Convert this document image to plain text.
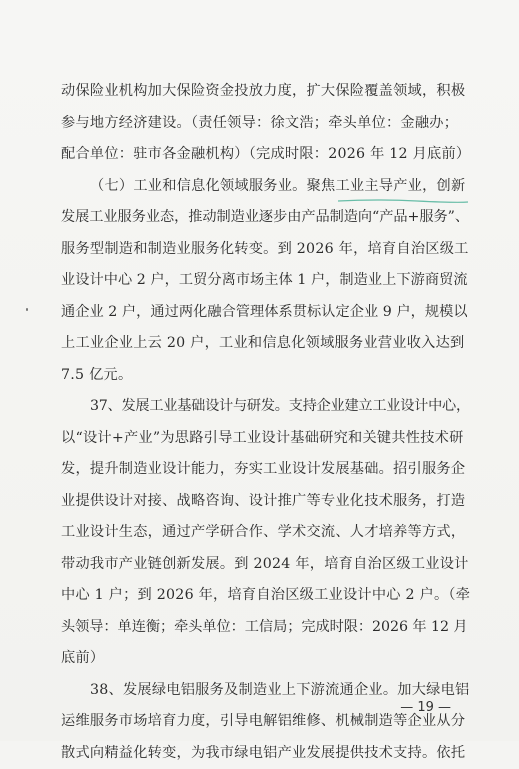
动保险业机构加大保险资金投放力度，扩大保险覆盖领域，积极
参与地方经济建设。（责任领导：徐文浩；牵头单位：金融办；
配合单位：驻市各金融机构）（完成时限：2026 年 12 月底前）
（七）工业和信息化领域服务业。聚焦工业主导产业，创新
发展工业服务业态，推动制造业逐步由产品制造向“产品+服务”、
服务型制造和制造业服务化转变。到 2026 年，培育自治区级工
业设计中心 2 户，工贸分离市场主体 1 户，制造业上下游商贸流
通企业 2 户，通过两化融合管理体系贯标认定企业 9 户，规模以
上工业企业上云 20 户，工业和信息化领域服务业营业收入达到
7.5 亿元。
37、发展工业基础设计与研发。支持企业建立工业设计中心，
以“设计+产业”为思路引导工业设计基础研究和关键共性技术研
发，提升制造业设计能力，夯实工业设计发展基础。招引服务企
业提供设计对接、战略咨询、设计推广等专业化技术服务，打造
工业设计生态，通过产学研合作、学术交流、人才培养等方式，
带动我市产业链创新发展。到 2024 年，培育自治区级工业设计
中心 1 户；到 2026 年，培育自治区级工业设计中心 2 户。（牵
头领导：单连衡；牵头单位：工信局；完成时限：2026 年 12 月
底前）
38、发展绿电铝服务及制造业上下游流通企业。加大绿电铝
运维服务市场培育力度，引导电解铝维修、机械制造等企业从分
散式向精益化转变，为我市绿电铝产业发展提供技术支持。依托
— 19 —
